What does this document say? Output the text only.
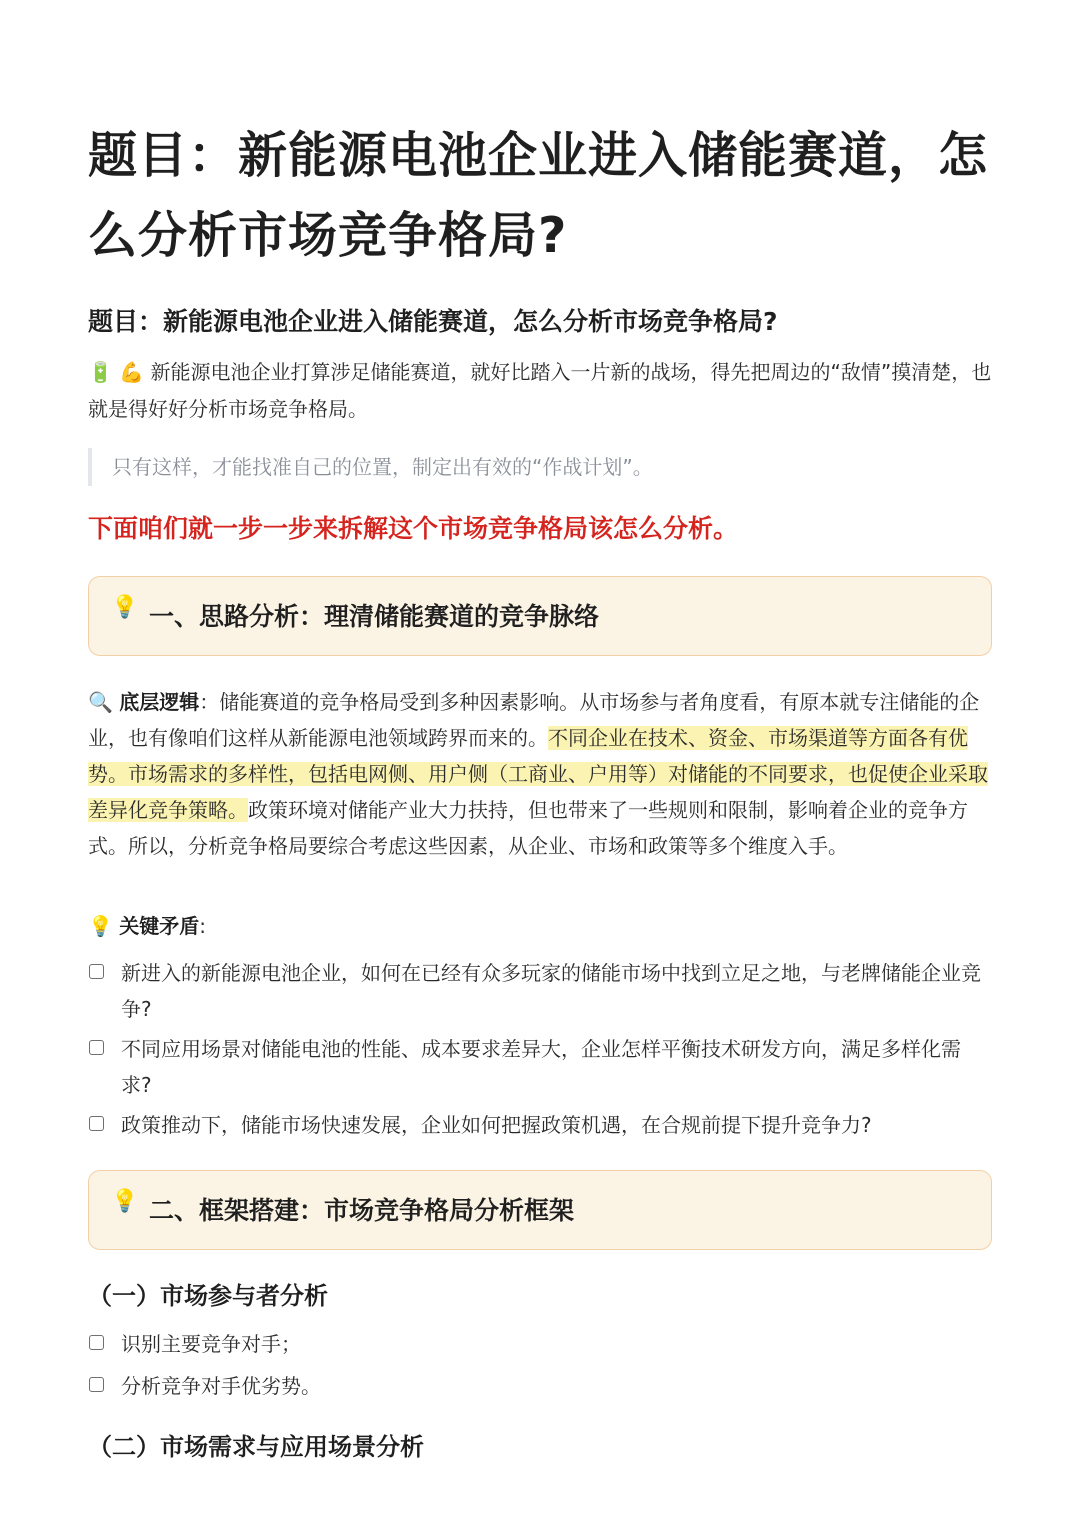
题目：新能源电池企业进入储能赛道，怎么分析市场竞争格局?
题目：新能源电池企业进入储能赛道，怎么分析市场竞争格局?

🔋 💪 新能源电池企业打算涉足储能赛道，就好比踏入一片新的战场，得先把周边的“敌情”摸清楚，也就是得好好分析市场竞争格局。

只有这样，才能找准自己的位置，制定出有效的“作战计划”。

下面咱们就一步一步来拆解这个市场竞争格局该怎么分析。

💡 一、思路分析：理清储能赛道的竞争脉络

🔍 底层逻辑：储能赛道的竞争格局受到多种因素影响。从市场参与者角度看，有原本就专注储能的企业，也有像咱们这样从新能源电池领域跨界而来的。不同企业在技术、资金、市场渠道等方面各有优势。市场需求的多样性，包括电网侧、用户侧（工商业、户用等）对储能的不同要求，也促使企业采取差异化竞争策略。政策环境对储能产业大力扶持，但也带来了一些规则和限制，影响着企业的竞争方式。所以，分析竞争格局要综合考虑这些因素，从企业、市场和政策等多个维度入手。

💡 关键矛盾:

新进入的新能源电池企业，如何在已经有众多玩家的储能市场中找到立足之地，与老牌储能企业竞争?
不同应用场景对储能电池的性能、成本要求差异大，企业怎样平衡技术研发方向，满足多样化需求?
政策推动下，储能市场快速发展，企业如何把握政策机遇，在合规前提下提升竞争力?
💡 二、框架搭建：市场竞争格局分析框架
（一）市场参与者分析
识别主要竞争对手；
分析竞争对手优劣势。
（二）市场需求与应用场景分析
